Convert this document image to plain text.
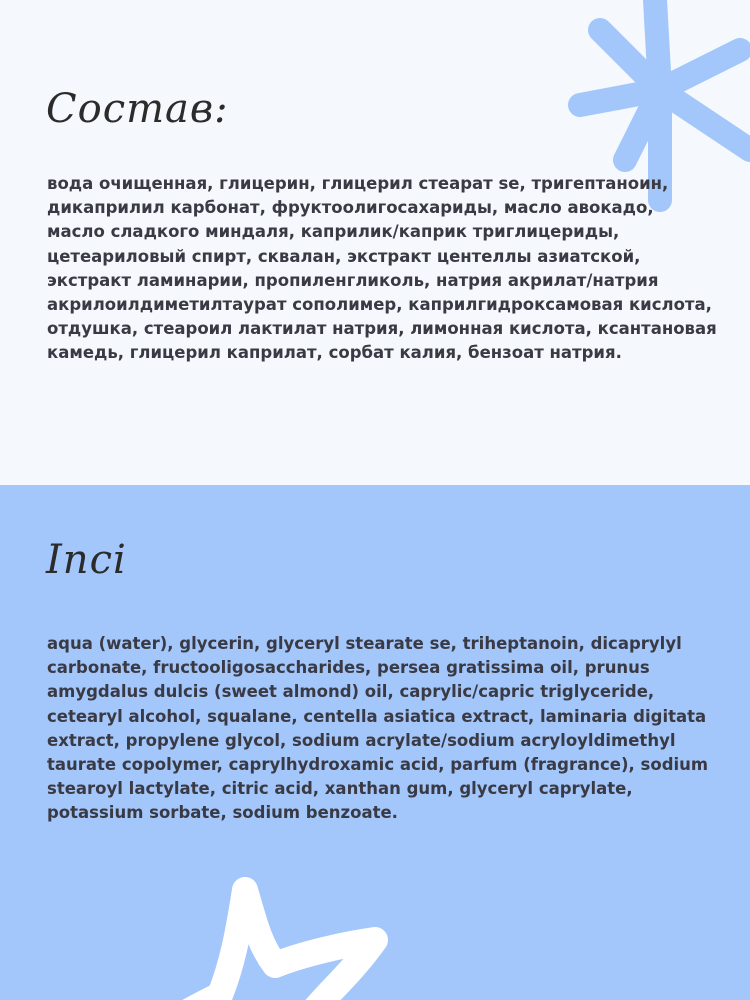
Состав:

вода очищенная, глицерин, глицерил стеарат se, тригептаноин, дикаприлил карбонат, фруктоолигосахариды, масло авокадо, масло сладкого миндаля, каприлик/каприк триглицериды, цетеариловый спирт, сквалан, экстракт центеллы азиатской, экстракт ламинарии, пропиленгликоль, натрия акрилат/натрия акрилоилдиметилтаурат сополимер, каприлгидроксамовая кислота, отдушка, стеароил лактилат натрия, лимонная кислота, ксантановая камедь, глицерил каприлат, сорбат калия, бензоат натрия.

Inci

aqua (water), glycerin, glyceryl stearate se, triheptanoin, dicaprylyl carbonate, fructooligosaccharides, persea gratissima oil, prunus amygdalus dulcis (sweet almond) oil, caprylic/capric triglyceride, cetearyl alcohol, squalane, centella asiatica extract, laminaria digitata extract, propylene glycol, sodium acrylate/sodium acryloyldimethyl taurate copolymer, caprylhydroxamic acid, parfum (fragrance), sodium stearoyl lactylate, citric acid, xanthan gum, glyceryl caprylate, potassium sorbate, sodium benzoate.
